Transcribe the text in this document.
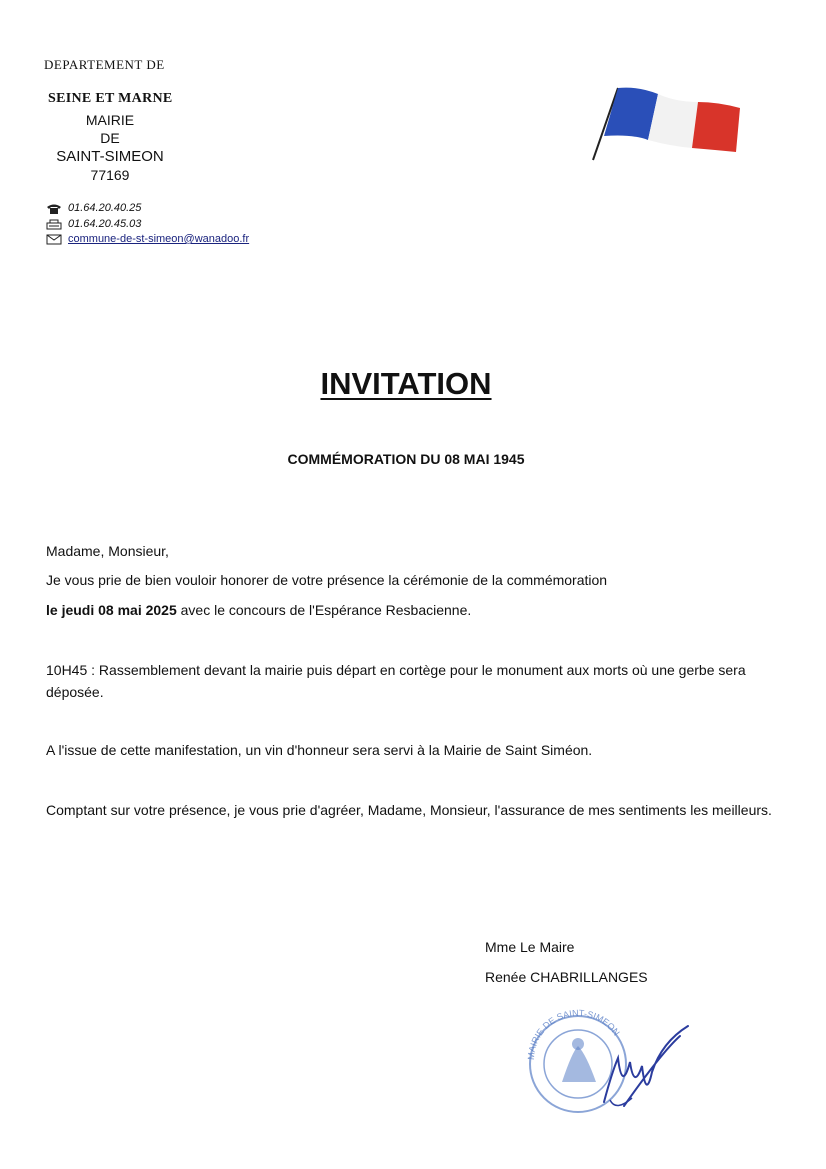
DEPARTEMENT DE
SEINE ET MARNE
MAIRIE
DE
SAINT-SIMEON
77169
01.64.20.40.25
01.64.20.45.03
commune-de-st-simeon@wanadoo.fr
INVITATION
COMMÉMORATION DU 08 MAI 1945
Madame, Monsieur,
Je vous prie de bien vouloir honorer de votre présence la cérémonie de la commémoration
le jeudi 08 mai 2025 avec le concours de l'Espérance Resbacienne.
10H45 : Rassemblement devant la mairie puis départ en cortège pour le monument aux morts où une gerbe sera déposée.
A l'issue de cette manifestation, un vin d'honneur sera servi à la Mairie de Saint Siméon.
Comptant sur votre présence, je vous prie d'agréer, Madame, Monsieur, l'assurance de mes sentiments les meilleurs.
Mme Le Maire
Renée CHABRILLANGES
MAIRIE DE SAINT-SIMEON
